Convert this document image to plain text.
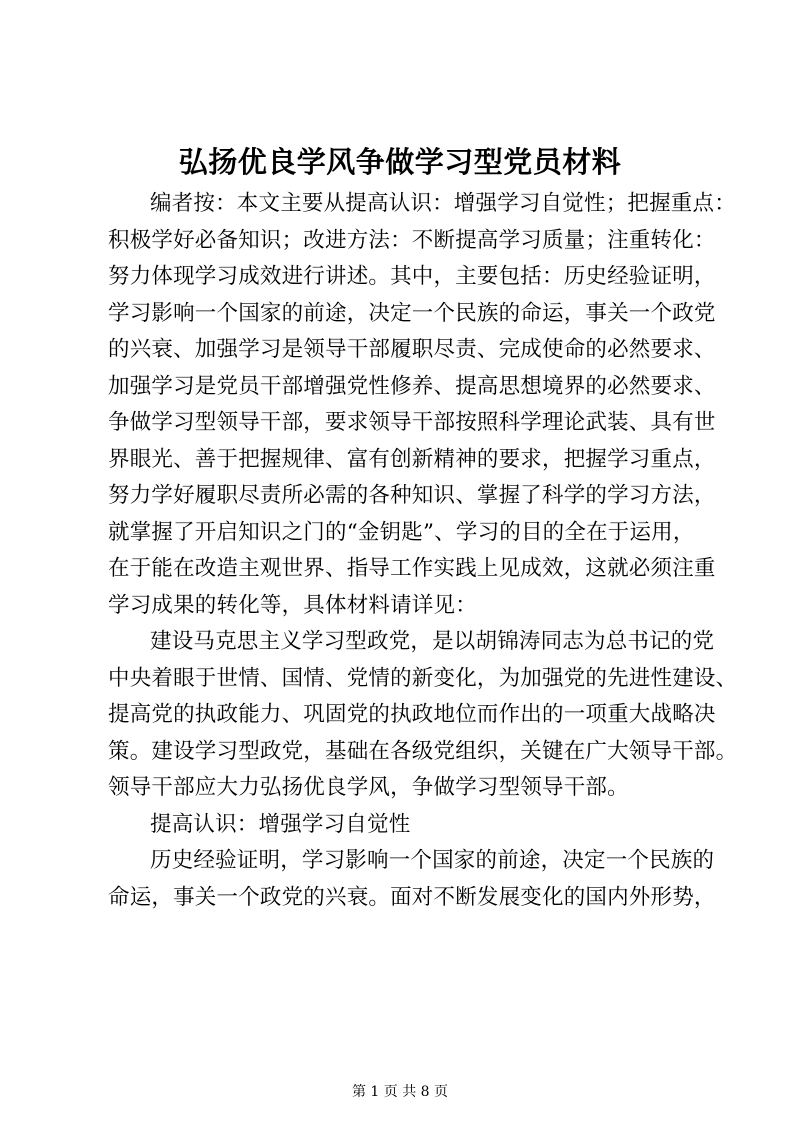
弘扬优良学风争做学习型党员材料
编者按：本文主要从提高认识：增强学习自觉性；把握重点：
积极学好必备知识；改进方法：不断提高学习质量；注重转化：
努力体现学习成效进行讲述。其中，主要包括：历史经验证明，
学习影响一个国家的前途，决定一个民族的命运，事关一个政党
的兴衰、加强学习是领导干部履职尽责、完成使命的必然要求、
加强学习是党员干部增强党性修养、提高思想境界的必然要求、
争做学习型领导干部，要求领导干部按照科学理论武装、具有世
界眼光、善于把握规律、富有创新精神的要求，把握学习重点，
努力学好履职尽责所必需的各种知识、掌握了科学的学习方法，
就掌握了开启知识之门的“金钥匙”、学习的目的全在于运用，
在于能在改造主观世界、指导工作实践上见成效，这就必须注重
学习成果的转化等，具体材料请详见：
建设马克思主义学习型政党，是以胡锦涛同志为总书记的党
中央着眼于世情、国情、党情的新变化，为加强党的先进性建设、
提高党的执政能力、巩固党的执政地位而作出的一项重大战略决
策。建设学习型政党，基础在各级党组织，关键在广大领导干部。
领导干部应大力弘扬优良学风，争做学习型领导干部。
提高认识：增强学习自觉性
历史经验证明，学习影响一个国家的前途，决定一个民族的
命运，事关一个政党的兴衰。面对不断发展变化的国内外形势，
第 1 页 共 8 页
